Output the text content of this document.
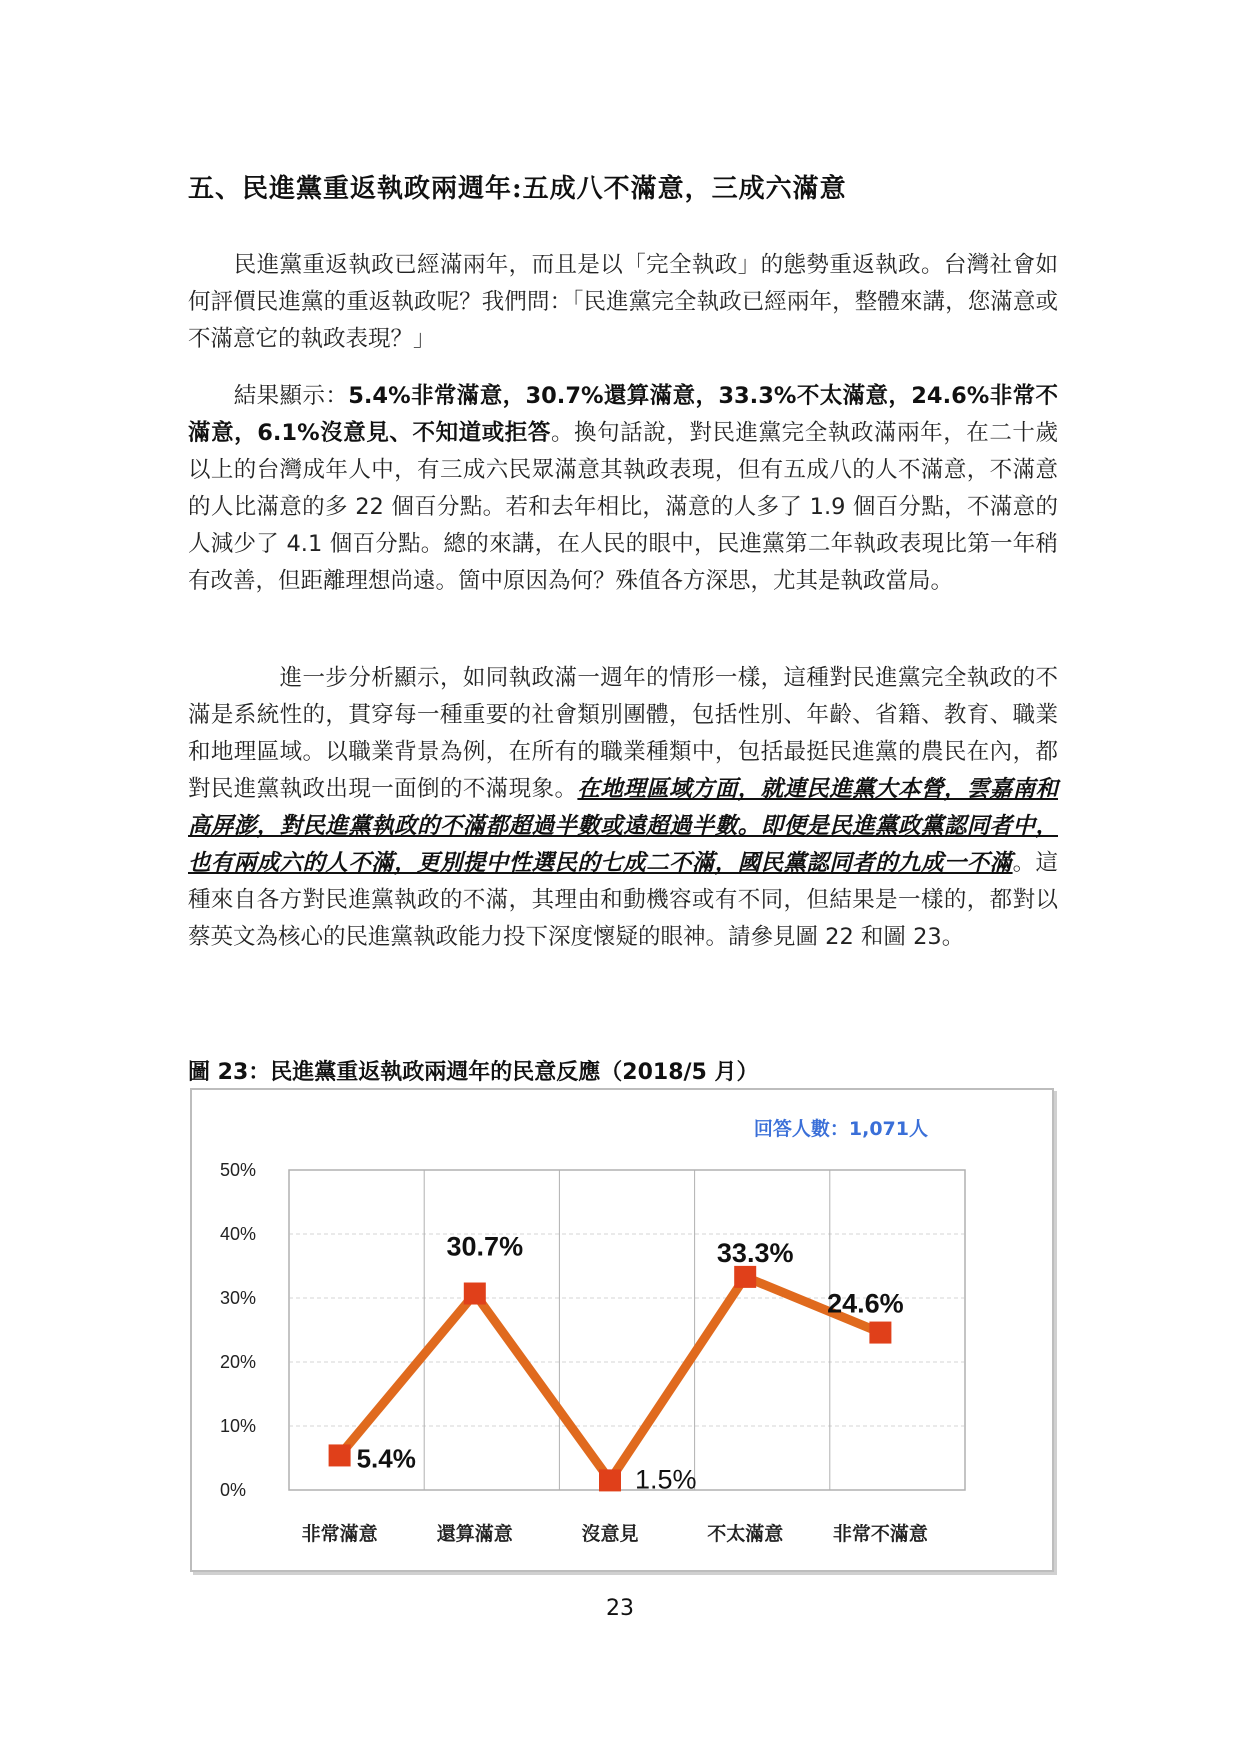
五、民進黨重返執政兩週年:五成八不滿意，三成六滿意
　　民進黨重返執政已經滿兩年，而且是以「完全執政」的態勢重返執政。台灣社會如何評價民進黨的重返執政呢？我們問：「民進黨完全執政已經兩年，整體來講，您滿意或不滿意它的執政表現？」
　　結果顯示：5.4%非常滿意，30.7%還算滿意，33.3%不太滿意，24.6%非常不滿意，6.1%沒意見、不知道或拒答。換句話說，對民進黨完全執政滿兩年，在二十歲以上的台灣成年人中，有三成六民眾滿意其執政表現，但有五成八的人不滿意，不滿意的人比滿意的多 22 個百分點。若和去年相比，滿意的人多了 1.9 個百分點，不滿意的人減少了 4.1 個百分點。總的來講，在人民的眼中，民進黨第二年執政表現比第一年稍有改善，但距離理想尚遠。箇中原因為何？殊值各方深思，尤其是執政當局。
　　　　進一步分析顯示，如同執政滿一週年的情形一樣，這種對民進黨完全執政的不滿是系統性的，貫穿每一種重要的社會類別團體，包括性別、年齡、省籍、教育、職業和地理區域。以職業背景為例，在所有的職業種類中，包括最挺民進黨的農民在內，都對民進黨執政出現一面倒的不滿現象。在地理區域方面，就連民進黨大本營，雲嘉南和高屏澎，對民進黨執政的不滿都超過半數或遠超過半數。即便是民進黨政黨認同者中，也有兩成六的人不滿，更別提中性選民的七成二不滿，國民黨認同者的九成一不滿。這種來自各方對民進黨執政的不滿，其理由和動機容或有不同，但結果是一樣的，都對以蔡英文為核心的民進黨執政能力投下深度懷疑的眼神。請參見圖 22 和圖 23。
圖 23：民進黨重返執政兩週年的民意反應（2018/5 月）
0%
10%
20%
30%
40%
50%
非常滿意	還算滿意	沒意見	不太滿意	非常不滿意
5.4%
30.7%
1.5%
33.3%
24.6%
回答人數：1,071人
23
